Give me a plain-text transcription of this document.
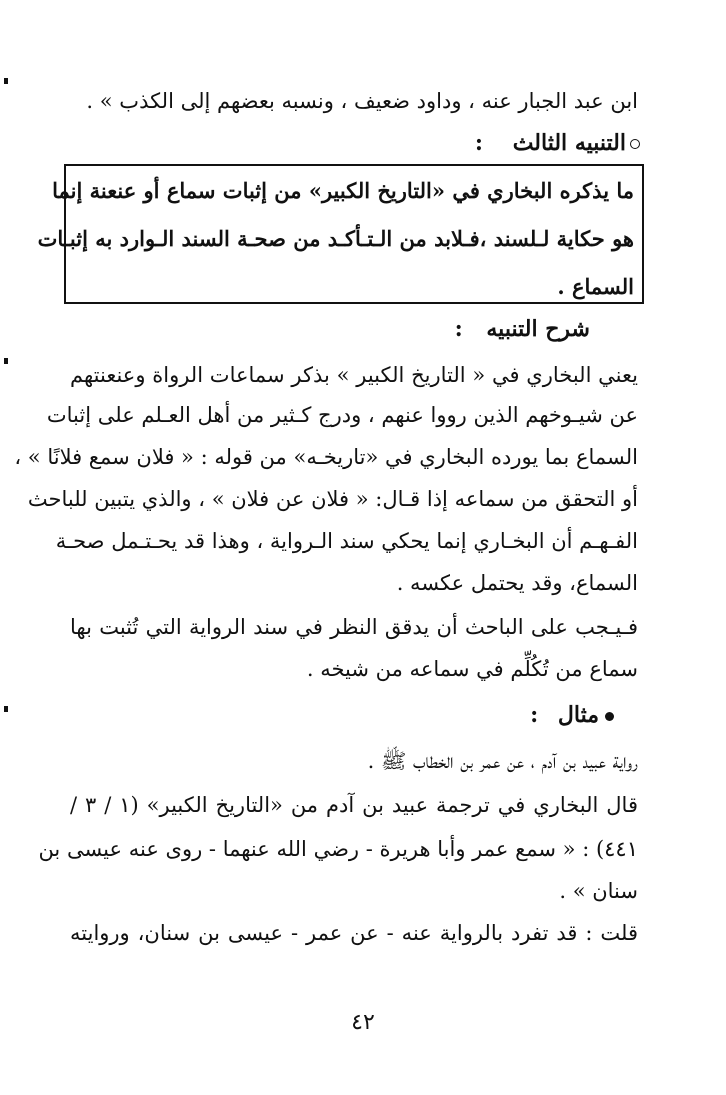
ابن عبد الجبار عنه ، وداود ضعيف ، ونسبه بعضهم إلى الكذب » .
التنبيه الثالث :
ما يذكره البخاري في «التاريخ الكبير» من إثبات سماع أو عنعنة إنما
هو حكاية لـلسند ،فـلابد من الـتـأكـد من صحـة السند الـوارد به إثبـات
السماع .
شرح التنبيه :
يعني البخاري في « التاريخ الكبير » بذكر سماعات الرواة وعنعنتهم
عن شيـوخهم الذين رووا عنهم ، ودرج كـثير من أهل العـلم على إثبات
السماع بما يورده البخاري في «تاريخـه» من قوله : « فلان سمع فلانًا » ،
أو التحقق من سماعه إذا قـال: « فلان عن فلان » ، والذي يتبين للباحث
الفـهـم أن البخـاري إنما يحكي سند الـرواية ، وهذا قد يحـتـمل صحـة
السماع، وقد يحتمل عكسه .
فـيـجب على الباحث أن يدقق النظر في سند الرواية التي تُثبت بها
سماع من تُكُلِّم في سماعه من شيخه .
مثال :
رواية عبيد بن آدم ، عن عمر بن الخطاب ﷺ .
قال البخاري في ترجمة عبيد بن آدم من «التاريخ الكبير» (١ / ٣ /
٤٤١) : « سمع عمر وأبا هريرة - رضي الله عنهما - روى عنه عيسى بن
سنان » .
قلت : قد تفرد بالرواية عنه - عن عمر - عيسى بن سنان، وروايته
٤٢
